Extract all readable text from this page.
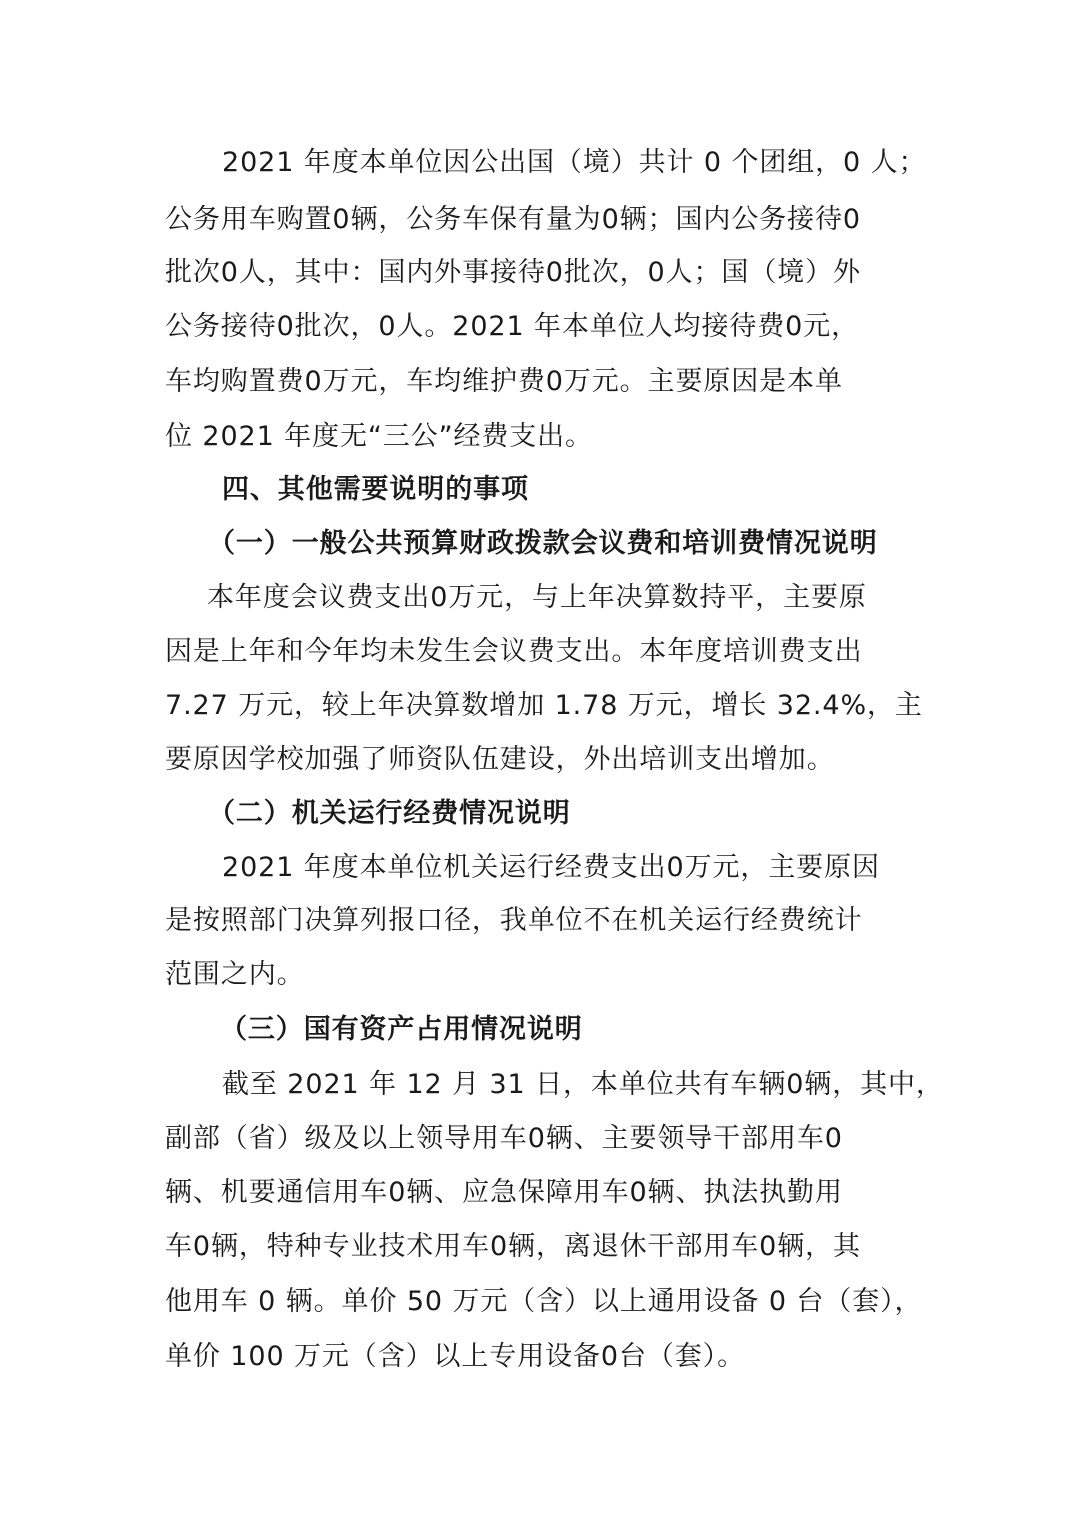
2021 年度本单位因公出国（境）共计 0 个团组，0 人；
公务用车购置0辆，公务车保有量为0辆；国内公务接待0
批次0人，其中：国内外事接待0批次，0人；国（境）外
公务接待0批次，0人。2021 年本单位人均接待费0元，
车均购置费0万元，车均维护费0万元。主要原因是本单
位 2021 年度无“三公”经费支出。
四、其他需要说明的事项
（一）一般公共预算财政拨款会议费和培训费情况说明
本年度会议费支出0万元，与上年决算数持平，主要原
因是上年和今年均未发生会议费支出。本年度培训费支出
7.27 万元，较上年决算数增加 1.78 万元，增长 32.4%，主
要原因学校加强了师资队伍建设，外出培训支出增加。
（二）机关运行经费情况说明
2021 年度本单位机关运行经费支出0万元，主要原因
是按照部门决算列报口径，我单位不在机关运行经费统计
范围之内。
（三）国有资产占用情况说明
截至 2021 年 12 月 31 日，本单位共有车辆0辆，其中，
副部（省）级及以上领导用车0辆、主要领导干部用车0
辆、机要通信用车0辆、应急保障用车0辆、执法执勤用
车0辆，特种专业技术用车0辆，离退休干部用车0辆，其
他用车 0 辆。单价 50 万元（含）以上通用设备 0 台（套），
单价 100 万元（含）以上专用设备0台（套）。
